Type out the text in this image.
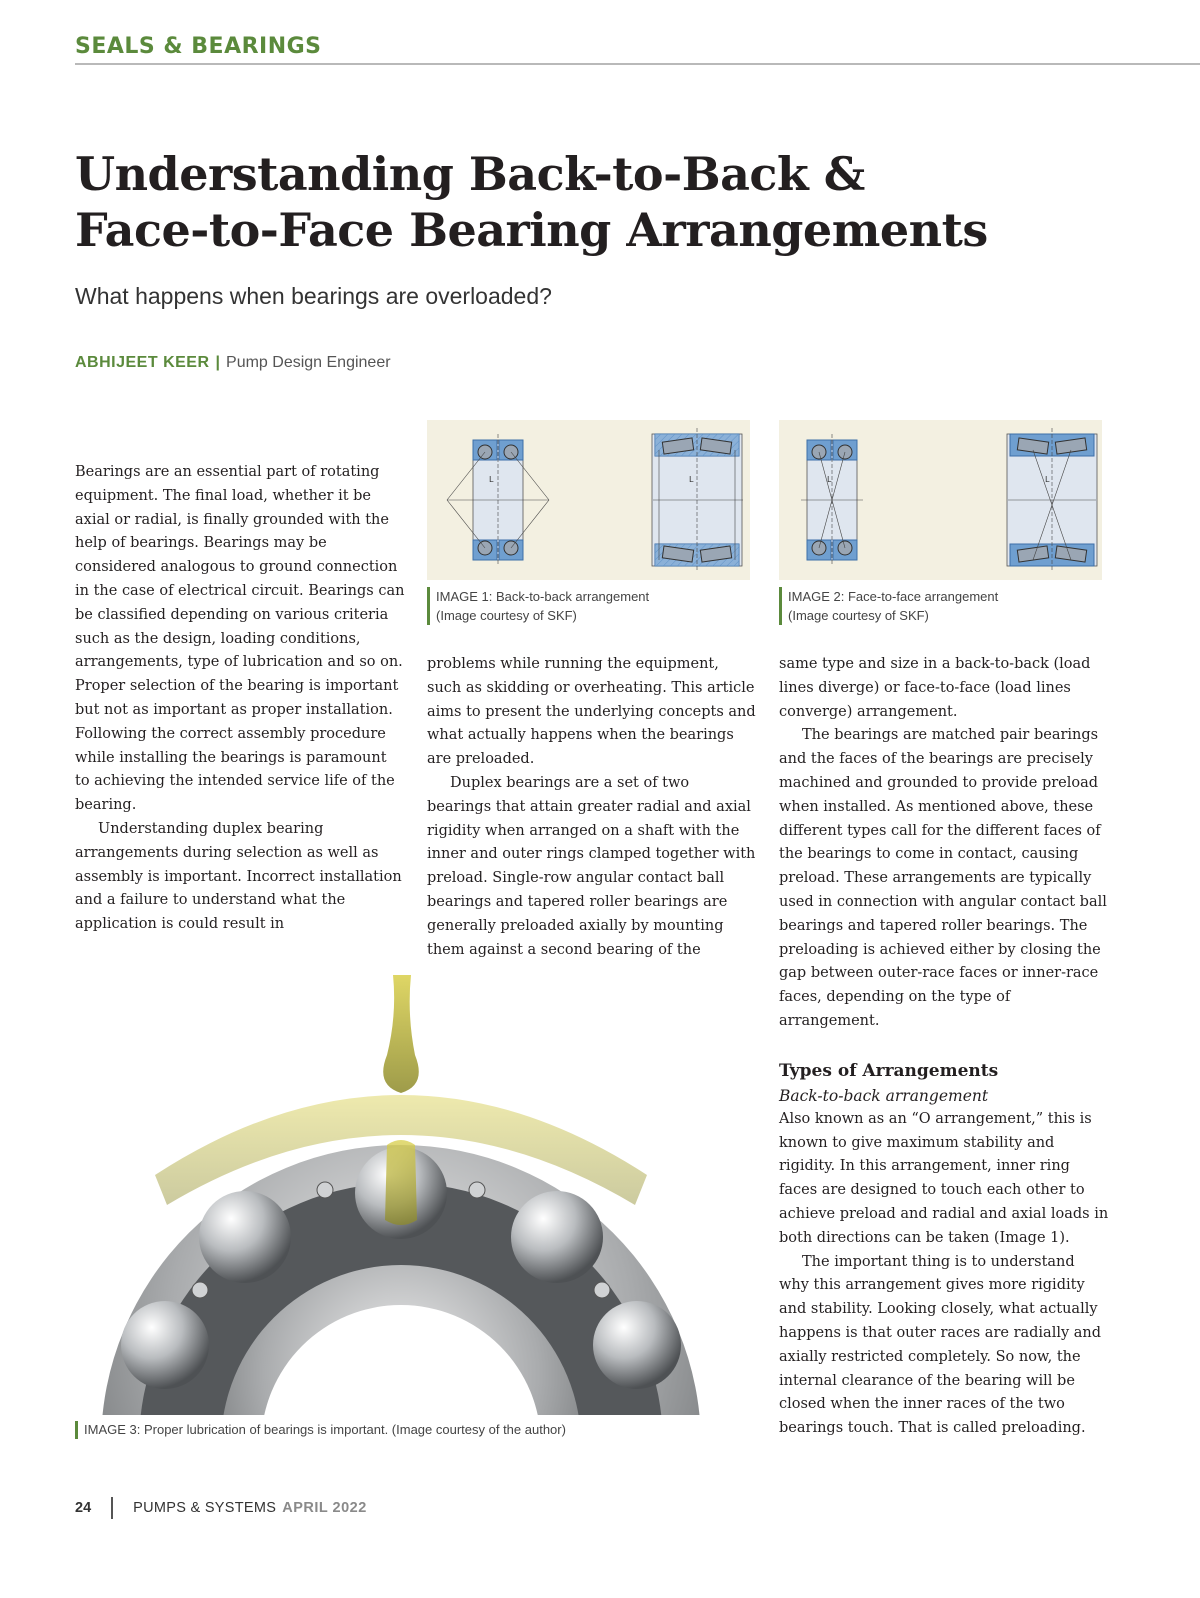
SEALS & BEARINGS
Understanding Back-to-Back &
Face-to-Face Bearing Arrangements
What happens when bearings are overloaded?
ABHIJEET KEER | Pump Design Engineer

Bearings are an essential part of rotating equipment. The final load, whether it be axial or radial, is finally grounded with the help of bearings. Bearings may be considered analogous to ground connection in the case of electrical circuit. Bearings can be classified depending on various criteria such as the design, loading conditions, arrangements, type of lubrication and so on. Proper selection of the bearing is important but not as important as proper installation. Following the correct assembly procedure while installing the bearings is paramount to achieving the intended service life of the bearing.

Understanding duplex bearing arrangements during selection as well as assembly is important. Incorrect installation and a failure to understand what the application is could result in

L	L
IMAGE 1: Back-to-back arrangement
(Image courtesy of SKF)
L	L
IMAGE 2: Face-to-face arrangement
(Image courtesy of SKF)

problems while running the equipment, such as skidding or overheating. This article aims to present the underlying concepts and what actually happens when the bearings are preloaded.

Duplex bearings are a set of two bearings that attain greater radial and axial rigidity when arranged on a shaft with the inner and outer rings clamped together with preload. Single-row angular contact ball bearings and tapered roller bearings are generally preloaded axially by mounting them against a second bearing of the

same type and size in a back-to-back (load lines diverge) or face-to-face (load lines converge) arrangement.

The bearings are matched pair bearings and the faces of the bearings are precisely machined and grounded to provide preload when installed. As mentioned above, these different types call for the different faces of the bearings to come in contact, causing preload. These arrangements are typically used in connection with angular contact ball bearings and tapered roller bearings. The preloading is achieved either by closing the gap between outer-race faces or inner-race faces, depending on the type of arrangement.

Types of Arrangements

Back-to-back arrangement

Also known as an “O arrangement,” this is known to give maximum stability and rigidity. In this arrangement, inner ring faces are designed to touch each other to achieve preload and radial and axial loads in both directions can be taken (Image 1).

The important thing is to understand why this arrangement gives more rigidity and stability. Looking closely, what actually happens is that outer races are radially and axially restricted completely. So now, the internal clearance of the bearing will be closed when the inner races of the two bearings touch. That is called preloading.

IMAGE 3: Proper lubrication of bearings is important. (Image courtesy of the author)
24	PUMPS & SYSTEMS APRIL 2022
